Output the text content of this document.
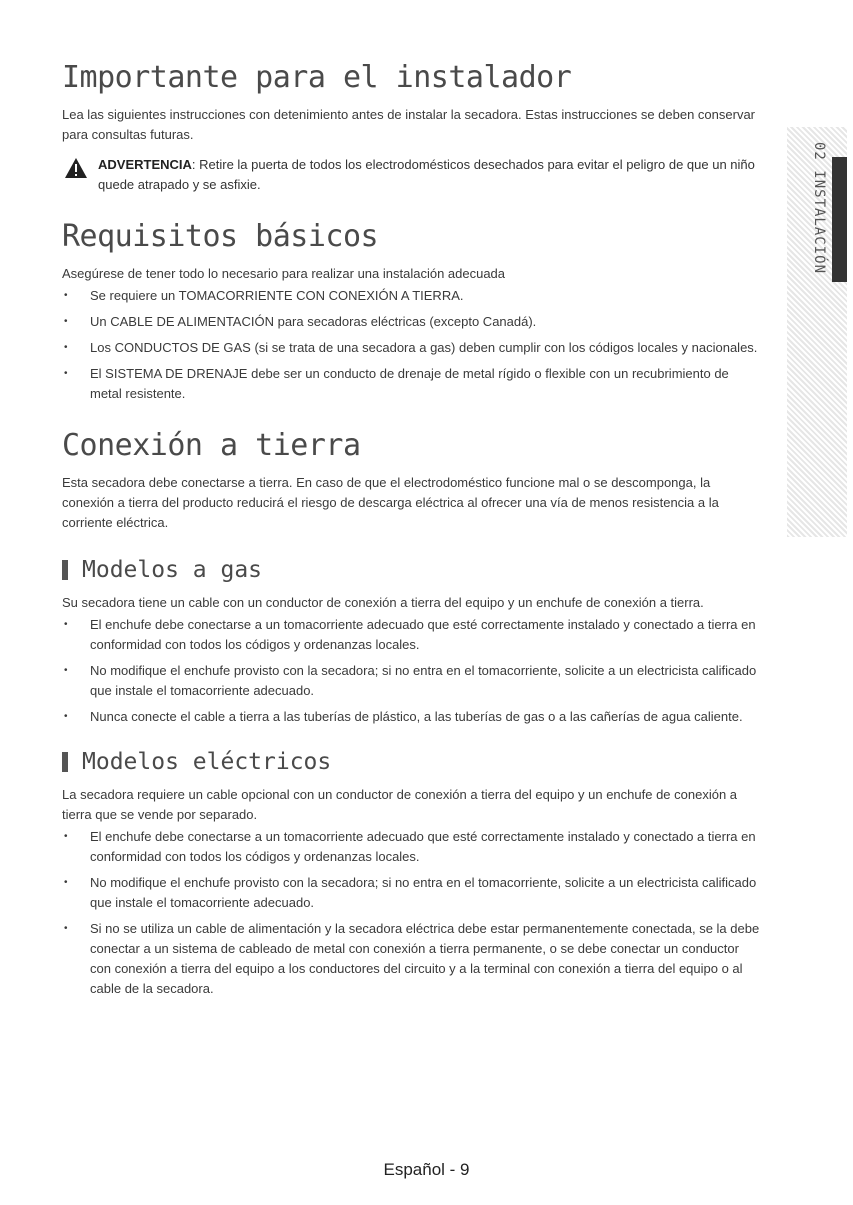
Importante para el instalador

Lea las siguientes instrucciones con detenimiento antes de instalar la secadora. Estas instrucciones se deben conservar para consultas futuras.

ADVERTENCIA: Retire la puerta de todos los electrodomésticos desechados para evitar el peligro de que un niño quede atrapado y se asfixie.
Requisitos básicos

Asegúrese de tener todo lo necesario para realizar una instalación adecuada

• Se requiere un TOMACORRIENTE CON CONEXIÓN A TIERRA.
• Un CABLE DE ALIMENTACIÓN para secadoras eléctricas (excepto Canadá).
• Los CONDUCTOS DE GAS (si se trata de una secadora a gas) deben cumplir con los códigos locales y nacionales.
• El SISTEMA DE DRENAJE debe ser un conducto de drenaje de metal rígido o flexible con un recubrimiento de metal resistente.
Conexión a tierra

Esta secadora debe conectarse a tierra. En caso de que el electrodoméstico funcione mal o se descomponga, la conexión a tierra del producto reducirá el riesgo de descarga eléctrica al ofrecer una vía de menos resistencia a la corriente eléctrica.

Modelos a gas

Su secadora tiene un cable con un conductor de conexión a tierra del equipo y un enchufe de conexión a tierra.

• El enchufe debe conectarse a un tomacorriente adecuado que esté correctamente instalado y conectado a tierra en conformidad con todos los códigos y ordenanzas locales.
• No modifique el enchufe provisto con la secadora; si no entra en el tomacorriente, solicite a un electricista calificado que instale el tomacorriente adecuado.
• Nunca conecte el cable a tierra a las tuberías de plástico, a las tuberías de gas o a las cañerías de agua caliente.
Modelos eléctricos

La secadora requiere un cable opcional con un conductor de conexión a tierra del equipo y un enchufe de conexión a tierra que se vende por separado.

• El enchufe debe conectarse a un tomacorriente adecuado que esté correctamente instalado y conectado a tierra en conformidad con todos los códigos y ordenanzas locales.
• No modifique el enchufe provisto con la secadora; si no entra en el tomacorriente, solicite a un electricista calificado que instale el tomacorriente adecuado.
• Si no se utiliza un cable de alimentación y la secadora eléctrica debe estar permanentemente conectada, se la debe conectar a un sistema de cableado de metal con conexión a tierra permanente, o se debe conectar un conductor con conexión a tierra del equipo a los conductores del circuito y a la terminal con conexión a tierra del equipo o al cable de la secadora.
02 INSTALACIÓN
Español - 9
